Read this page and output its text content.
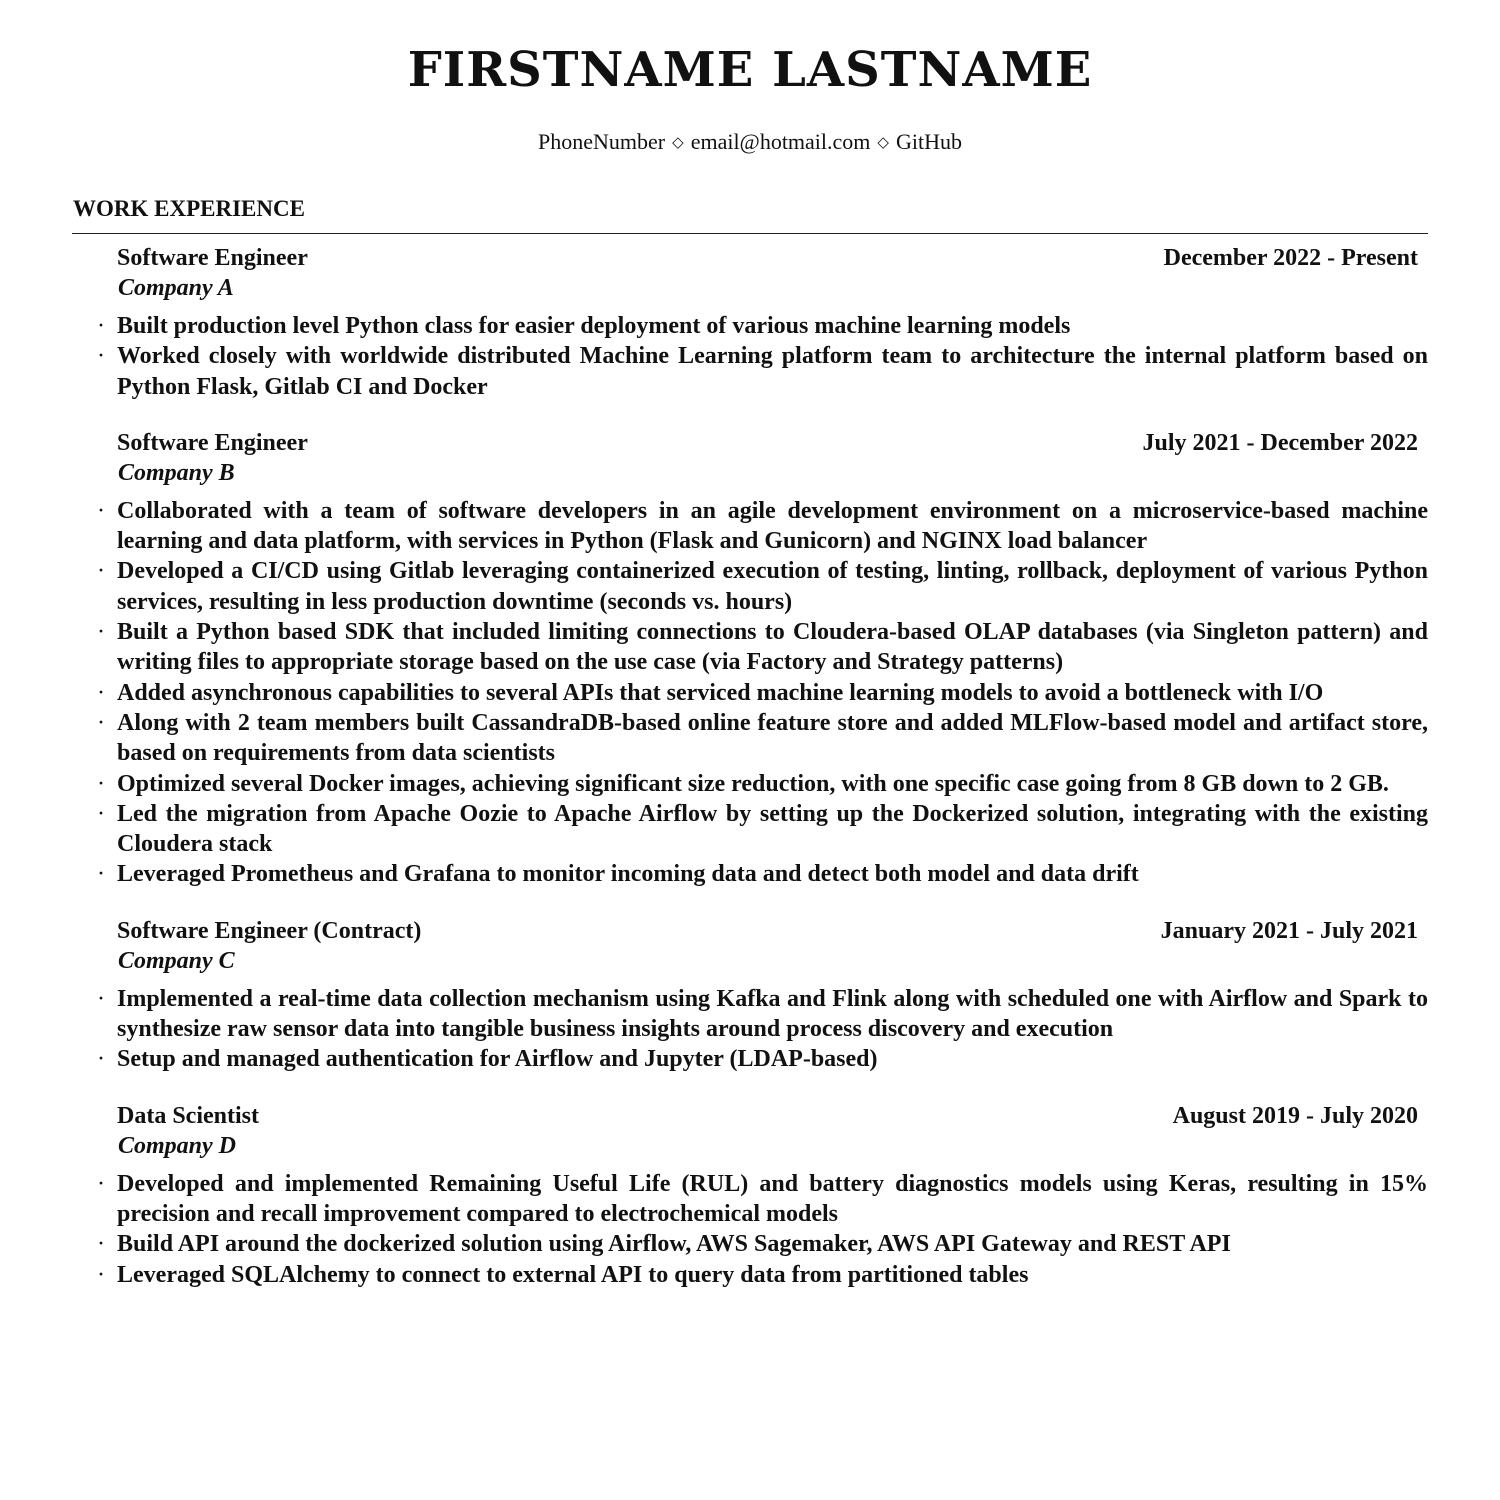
FIRSTNAME LASTNAME
PhoneNumber ◇ email@hotmail.com ◇ GitHub
WORK EXPERIENCE
Software Engineer	December 2022 - Present
Company A
· Built production level Python class for easier deployment of various machine learning models
· Worked closely with worldwide distributed Machine Learning platform team to architecture the internal platform based on Python Flask, Gitlab CI and Docker
Software Engineer	July 2021 - December 2022
Company B
· Collaborated with a team of software developers in an agile development environment on a microservice-based machine learning and data platform, with services in Python (Flask and Gunicorn) and NGINX load balancer
· Developed a CI/CD using Gitlab leveraging containerized execution of testing, linting, rollback, deployment of various Python services, resulting in less production downtime (seconds vs. hours)
· Built a Python based SDK that included limiting connections to Cloudera-based OLAP databases (via Singleton pattern) and writing files to appropriate storage based on the use case (via Factory and Strategy patterns)
· Added asynchronous capabilities to several APIs that serviced machine learning models to avoid a bottleneck with I/O
· Along with 2 team members built CassandraDB-based online feature store and added MLFlow-based model and artifact store, based on requirements from data scientists
· Optimized several Docker images, achieving significant size reduction, with one specific case going from 8 GB down to 2 GB.
· Led the migration from Apache Oozie to Apache Airflow by setting up the Dockerized solution, integrating with the existing Cloudera stack
· Leveraged Prometheus and Grafana to monitor incoming data and detect both model and data drift
Software Engineer (Contract)	January 2021 - July 2021
Company C
· Implemented a real-time data collection mechanism using Kafka and Flink along with scheduled one with Airflow and Spark to synthesize raw sensor data into tangible business insights around process discovery and execution
· Setup and managed authentication for Airflow and Jupyter (LDAP-based)
Data Scientist	August 2019 - July 2020
Company D
· Developed and implemented Remaining Useful Life (RUL) and battery diagnostics models using Keras, resulting in 15% precision and recall improvement compared to electrochemical models
· Build API around the dockerized solution using Airflow, AWS Sagemaker, AWS API Gateway and REST API
· Leveraged SQLAlchemy to connect to external API to query data from partitioned tables
